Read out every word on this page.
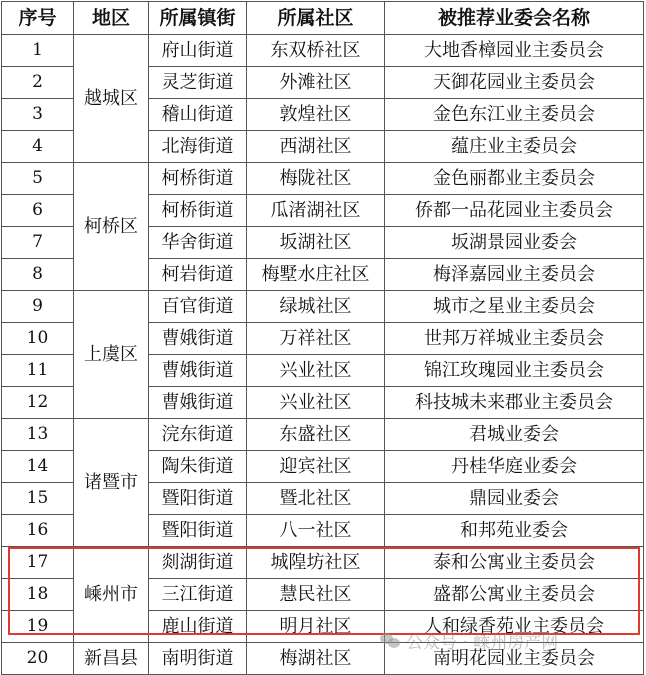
序号	地区	所属镇街	所属社区	被推荐业委会名称
1	越城区	府山街道	东双桥社区	大地香樟园业主委员会
2		灵芝街道	外滩社区	天御花园业主委员会
3		稽山街道	敦煌社区	金色东江业主委员会
4		北海街道	西湖社区	蕴庄业主委员会
5	柯桥区	柯桥街道	梅陇社区	金色丽都业主委员会
6		柯桥街道	瓜渚湖社区	侨都一品花园业主委员会
7		华舍街道	坂湖社区	坂湖景园业委会
8		柯岩街道	梅墅水庄社区	梅泽嘉园业主委员会
9	上虞区	百官街道	绿城社区	城市之星业主委员会
10		曹娥街道	万祥社区	世邦万祥城业主委员会
11		曹娥街道	兴业社区	锦江玫瑰园业主委员会
12		曹娥街道	兴业社区	科技城未来郡业主委员会
13	诸暨市	浣东街道	东盛社区	君城业委会
14		陶朱街道	迎宾社区	丹桂华庭业委会
15		暨阳街道	暨北社区	鼎园业委会
16		暨阳街道	八一社区	和邦苑业委会
17	嵊州市	剡湖街道	城隍坊社区	泰和公寓业主委员会
18		三江街道	慧民社区	盛都公寓业主委员会
19		鹿山街道	明月社区	人和绿香苑业主委员会
20	新昌县	南明街道	梅湖社区	南明花园业主委员会
公众号 · 嵊州房产网
